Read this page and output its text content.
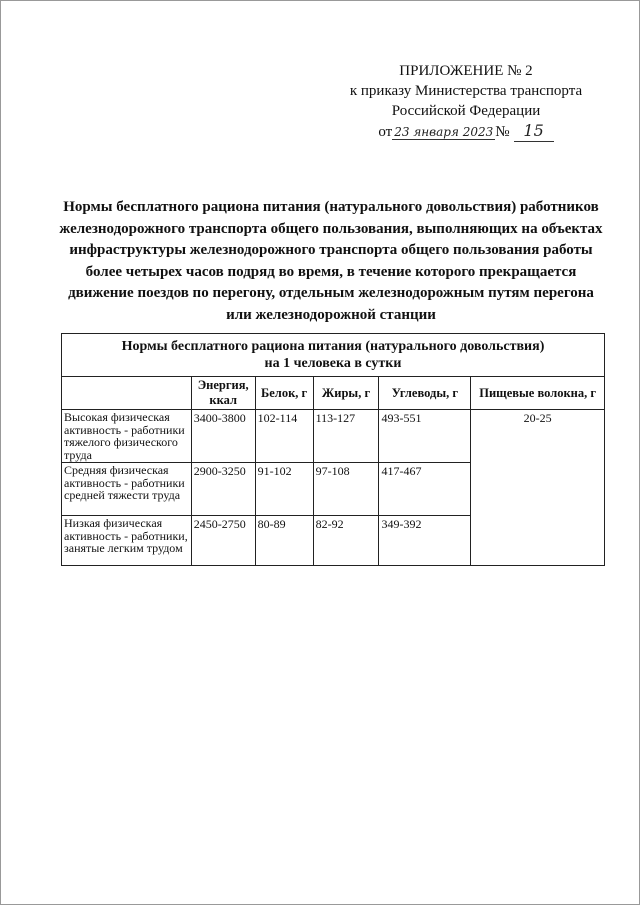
ПРИЛОЖЕНИЕ № 2
к приказу Министерства транспорта
Российской Федерации
от 23 января 2023 № 15
Нормы бесплатного рациона питания (натурального довольствия) работников железнодорожного транспорта общего пользования, выполняющих на объектах инфраструктуры железнодорожного транспорта общего пользования работы более четырех часов подряд во время, в течение которого прекращается движение поездов по перегону, отдельным железнодорожным путям перегона или железнодорожной станции
Нормы бесплатного рациона питания (натурального довольствия)
на 1 человека в сутки					
	Энергия, ккал	Белок, г	Жиры, г	Углеводы, г	Пищевые волокна, г
Высокая физическая активность - работники тяжелого физического труда	3400-3800	102-114	113-127	493-551	20-25
Средняя физическая активность - работники средней тяжести труда	2900-3250	91-102	97-108	417-467	
Низкая физическая активность - работники, занятые легким трудом	2450-2750	80-89	82-92	349-392	
